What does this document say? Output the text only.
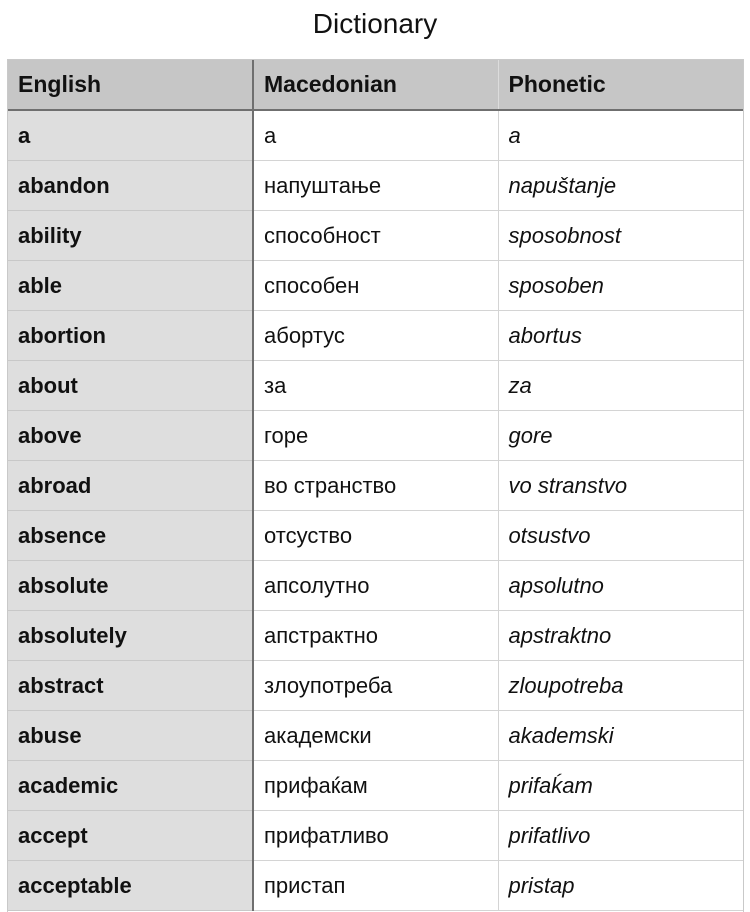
Dictionary
English	Macedonian	Phonetic
a	а	a
abandon	напуштање	napuštanje
ability	способност	sposobnost
able	способен	sposoben
abortion	абортус	abortus
about	за	za
above	горе	gore
abroad	во странство	vo stranstvo
absence	отсуство	otsustvo
absolute	апсолутно	apsolutno
absolutely	апстрактно	apstraktno
abstract	злоупотреба	zloupotreba
abuse	академски	akademski
academic	прифаќам	prifaḱam
accept	прифатливо	prifatlivo
acceptable	пристап	pristap
